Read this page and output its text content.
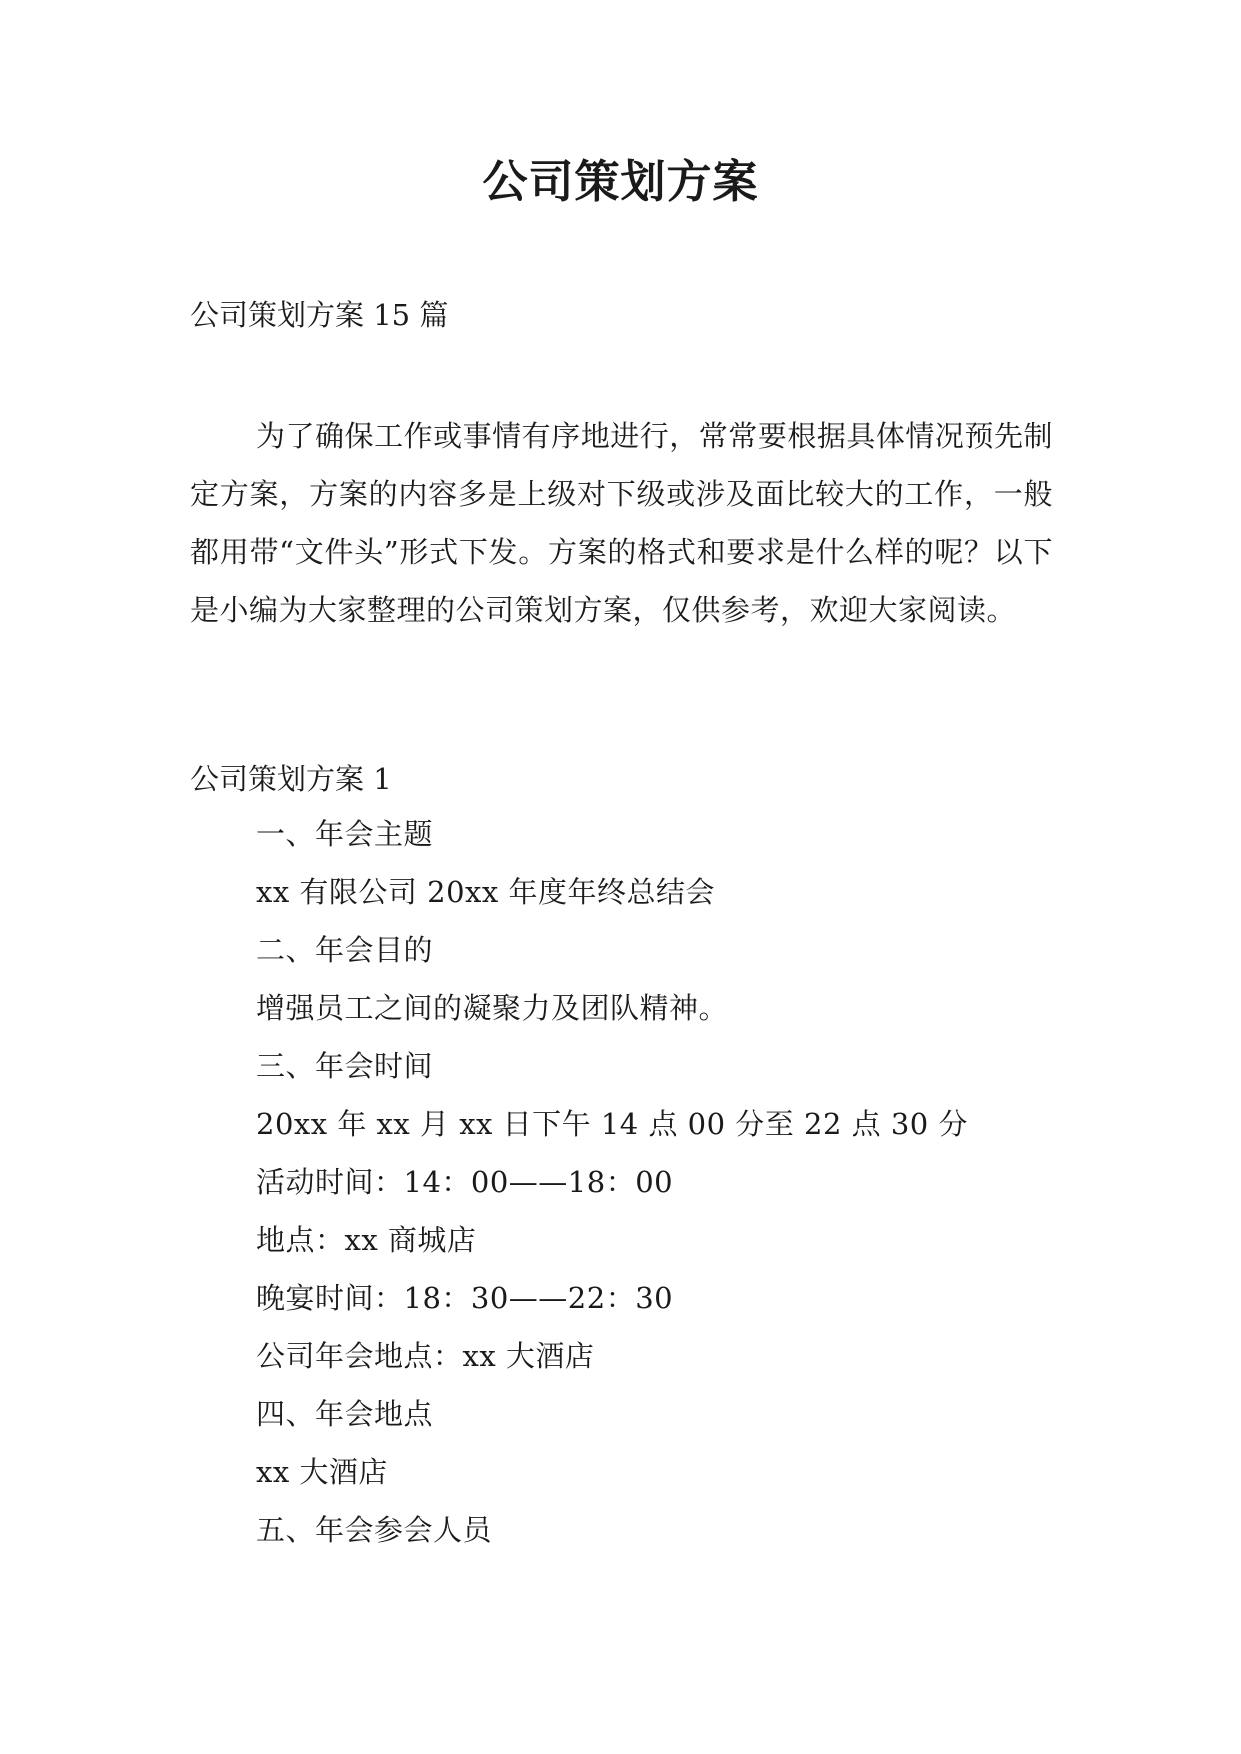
公司策划方案

公司策划方案 15 篇

为了确保工作或事情有序地进行，常常要根据具体情况预先制定方案，方案的内容多是上级对下级或涉及面比较大的工作，一般都用带“文件头”形式下发。方案的格式和要求是什么样的呢？以下是小编为大家整理的公司策划方案，仅供参考，欢迎大家阅读。

公司策划方案 1

一、年会主题
xx 有限公司 20xx 年度年终总结会
二、年会目的
增强员工之间的凝聚力及团队精神。
三、年会时间
20xx 年 xx 月 xx 日下午 14 点 00 分至 22 点 30 分
活动时间：14：00——18：00
地点：xx 商城店
晚宴时间：18：30——22：30
公司年会地点：xx 大酒店
四、年会地点
xx 大酒店
五、年会参会人员
